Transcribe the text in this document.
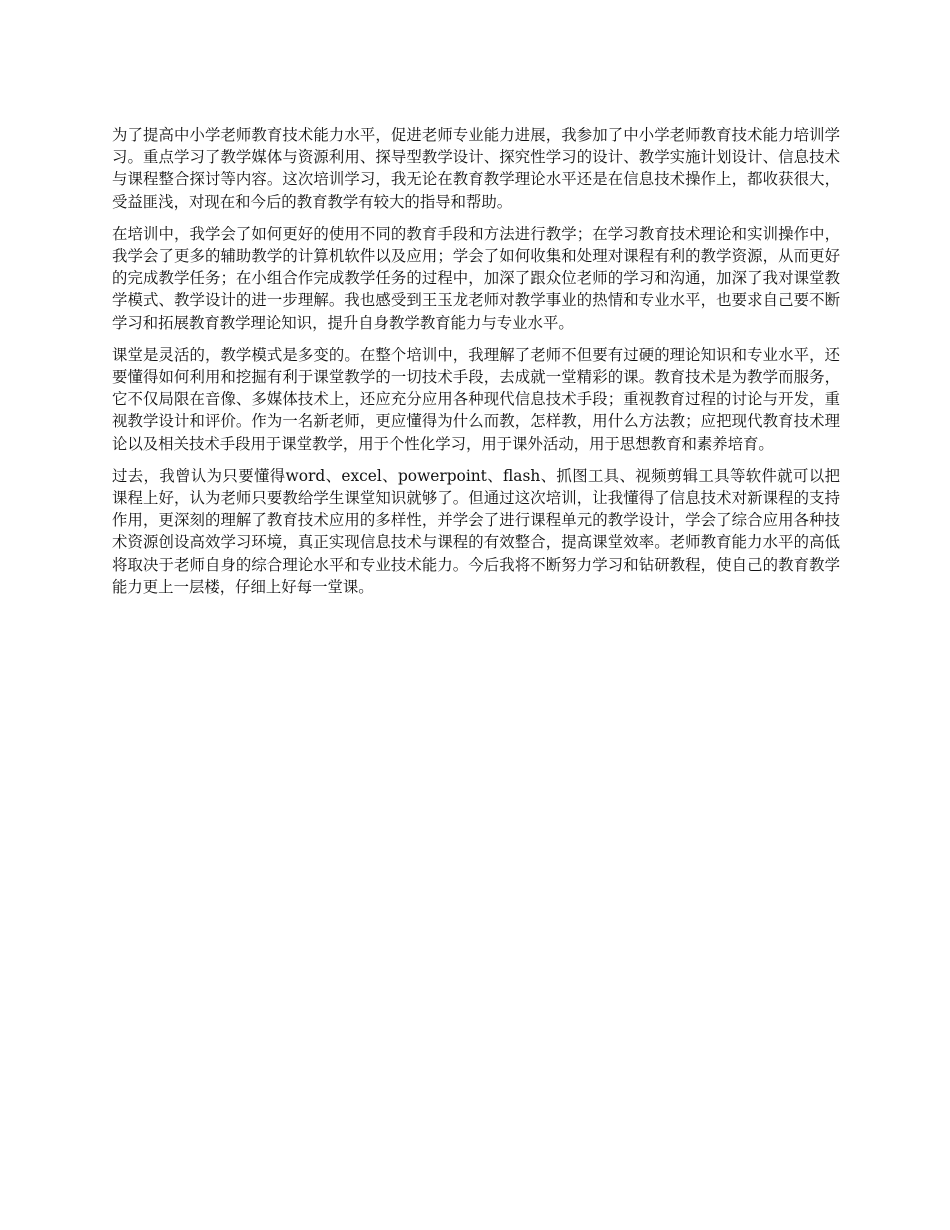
为了提高中小学老师教育技术能力水平，促进老师专业能力进展，我参加了中小学老师教育技术能力培训学习。重点学习了教学媒体与资源利用、探导型教学设计、探究性学习的设计、教学实施计划设计、信息技术与课程整合探讨等内容。这次培训学习，我无论在教育教学理论水平还是在信息技术操作上，都收获很大，受益匪浅，对现在和今后的教育教学有较大的指导和帮助。

在培训中，我学会了如何更好的使用不同的教育手段和方法进行教学；在学习教育技术理论和实训操作中，我学会了更多的辅助教学的计算机软件以及应用；学会了如何收集和处理对课程有利的教学资源，从而更好的完成教学任务；在小组合作完成教学任务的过程中，加深了跟众位老师的学习和沟通，加深了我对课堂教学模式、教学设计的进一步理解。我也感受到王玉龙老师对教学事业的热情和专业水平，也要求自己要不断学习和拓展教育教学理论知识，提升自身教学教育能力与专业水平。

课堂是灵活的，教学模式是多变的。在整个培训中，我理解了老师不但要有过硬的理论知识和专业水平，还要懂得如何利用和挖掘有利于课堂教学的一切技术手段，去成就一堂精彩的课。教育技术是为教学而服务，它不仅局限在音像、多媒体技术上，还应充分应用各种现代信息技术手段；重视教育过程的讨论与开发，重视教学设计和评价。作为一名新老师，更应懂得为什么而教，怎样教，用什么方法教；应把现代教育技术理论以及相关技术手段用于课堂教学，用于个性化学习，用于课外活动，用于思想教育和素养培育。

过去，我曾认为只要懂得word、excel、powerpoint、flash、抓图工具、视频剪辑工具等软件就可以把课程上好，认为老师只要教给学生课堂知识就够了。但通过这次培训，让我懂得了信息技术对新课程的支持作用，更深刻的理解了教育技术应用的多样性，并学会了进行课程单元的教学设计，学会了综合应用各种技术资源创设高效学习环境，真正实现信息技术与课程的有效整合，提高课堂效率。老师教育能力水平的高低将取决于老师自身的综合理论水平和专业技术能力。今后我将不断努力学习和钻研教程，使自己的教育教学能力更上一层楼，仔细上好每一堂课。
